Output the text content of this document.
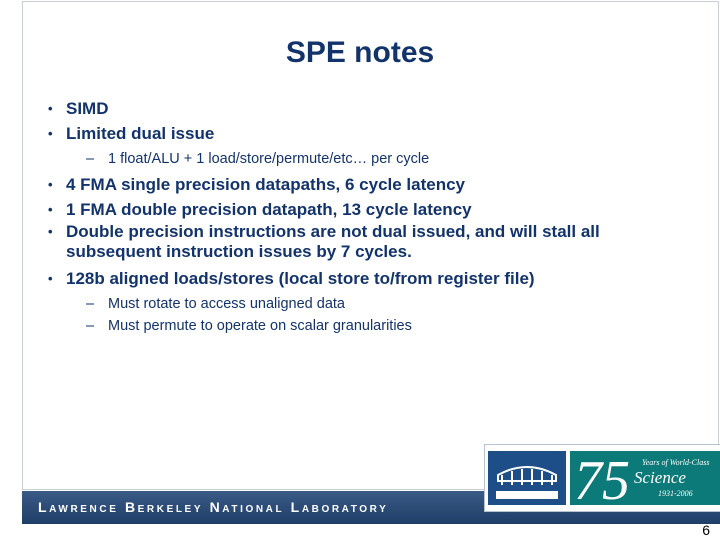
SPE notes
• SIMD
• Limited dual issue
– 1 float/ALU + 1 load/store/permute/etc… per cycle
• 4 FMA single precision datapaths, 6 cycle latency
• 1 FMA double precision datapath, 13 cycle latency
• Double precision instructions are not dual issued, and will stall all
subsequent instruction issues by 7 cycles.
• 128b aligned loads/stores (local store to/from register file)
– Must rotate to access unaligned data
– Must permute to operate on scalar granularities
Lawrence Berkeley National Laboratory	75 Years of World-Class
Science
1931-2006
6
